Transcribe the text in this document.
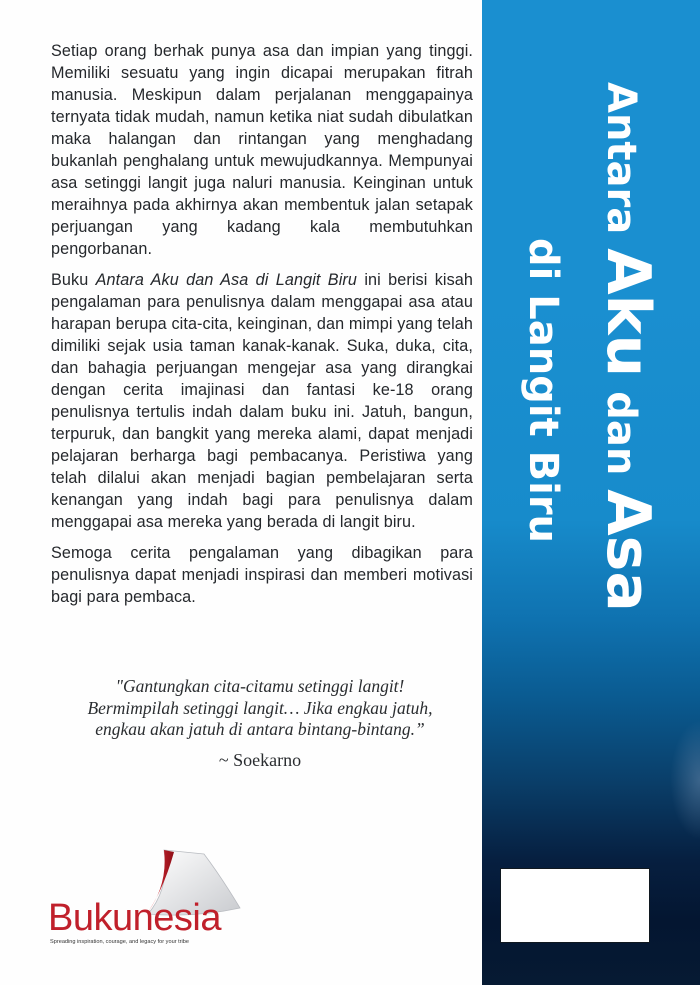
Setiap orang berhak punya asa dan impian yang tinggi. Memiliki sesuatu yang ingin dicapai merupakan fitrah manusia. Meskipun dalam perjalanan menggapainya ternyata tidak mudah, namun ketika niat sudah dibulatkan maka halangan dan rintangan yang menghadang bukanlah penghalang untuk mewujudkannya. Mempunyai asa setinggi langit juga naluri manusia. Keinginan untuk meraihnya pada akhirnya akan membentuk jalan setapak perjuangan yang kadang kala membutuhkan pengorbanan.

Buku Antara Aku dan Asa di Langit Biru ini berisi kisah pengalaman para penulisnya dalam menggapai asa atau harapan berupa cita-cita, keinginan, dan mimpi yang telah dimiliki sejak usia taman kanak-kanak. Suka, duka, cita, dan bahagia perjuangan mengejar asa yang dirangkai dengan cerita imajinasi dan fantasi ke-18 orang penulisnya tertulis indah dalam buku ini. Jatuh, bangun, terpuruk, dan bangkit yang mereka alami, dapat menjadi pelajaran berharga bagi pembacanya. Peristiwa yang telah dilalui akan menjadi bagian pembelajaran serta kenangan yang indah bagi para penulisnya dalam menggapai asa mereka yang berada di langit biru.

Semoga cerita pengalaman yang dibagikan para penulisnya dapat menjadi inspirasi dan memberi motivasi bagi para pembaca.

"Gantungkan cita-citamu setinggi langit!
Bermimpilah setinggi langit… Jika engkau jatuh,
engkau akan jatuh di antara bintang-bintang.”
~ Soekarno
Bukunesia
Spreading inspiration, courage, and legacy for your tribe
Antara Aku dan Asa
di Langit Biru
